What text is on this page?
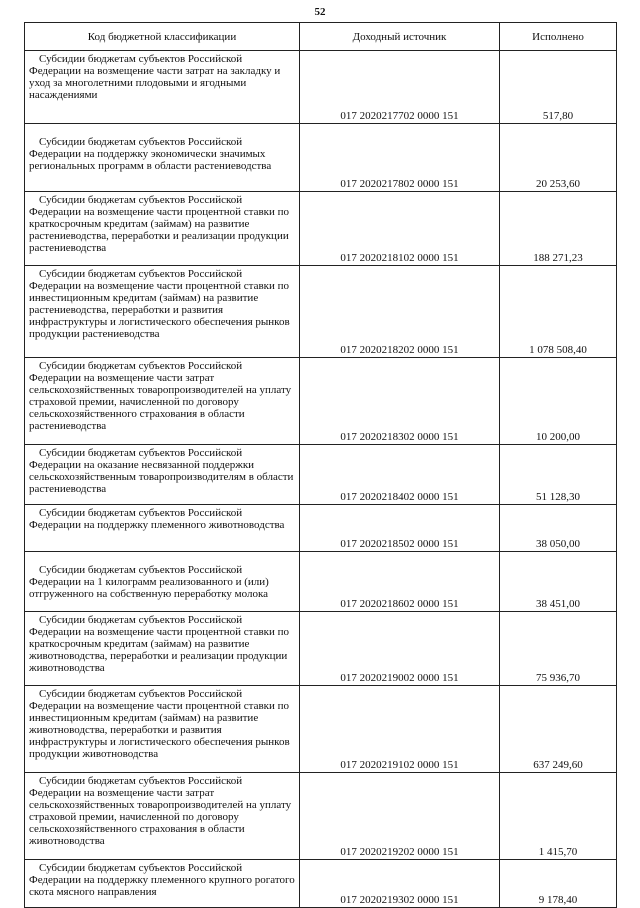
52
Код бюджетной классификации	Доходный источник	Исполнено
Субсидии бюджетам субъектов Российской Федерации на возмещение части затрат на закладку и уход за многолетними плодовыми и ягодными насаждениями	017 2020217702 0000 151	517,80
Субсидии бюджетам субъектов Российской Федерации на поддержку экономически значимых региональных программ в области растениеводства	017 2020217802 0000 151	20 253,60
Субсидии бюджетам субъектов Российской Федерации на возмещение части процентной ставки по краткосрочным кредитам (займам) на развитие растениеводства, переработки и реализации продукции растениеводства	017 2020218102 0000 151	188 271,23
Субсидии бюджетам субъектов Российской Федерации на возмещение части процентной ставки по инвестиционным кредитам (займам) на развитие растениеводства, переработки и развития инфраструктуры и логистического обеспечения рынков продукции растениеводства	017 2020218202 0000 151	1 078 508,40
Субсидии бюджетам субъектов Российской Федерации на возмещение части затрат сельскохозяйственных товаропроизводителей на уплату страховой премии, начисленной по договору сельскохозяйственного страхования в области растениеводства	017 2020218302 0000 151	10 200,00
Субсидии бюджетам субъектов Российской Федерации на оказание несвязанной поддержки сельскохозяйственным товаропроизводителям в области растениеводства	017 2020218402 0000 151	51 128,30
Субсидии бюджетам субъектов Российской Федерации на поддержку племенного животноводства	017 2020218502 0000 151	38 050,00
Субсидии бюджетам субъектов Российской Федерации на 1 килограмм реализованного и (или) отгруженного на собственную переработку молока	017 2020218602 0000 151	38 451,00
Субсидии бюджетам субъектов Российской Федерации на возмещение части процентной ставки по краткосрочным кредитам (займам) на развитие животноводства, переработки и реализации продукции животноводства	017 2020219002 0000 151	75 936,70
Субсидии бюджетам субъектов Российской Федерации на возмещение части процентной ставки по инвестиционным кредитам (займам) на развитие животноводства, переработки и развития инфраструктуры и логистического обеспечения рынков продукции животноводства	017 2020219102 0000 151	637 249,60
Субсидии бюджетам субъектов Российской Федерации на возмещение части затрат сельскохозяйственных товаропроизводителей на уплату страховой премии, начисленной по договору сельскохозяйственного страхования в области животноводства	017 2020219202 0000 151	1 415,70
Субсидии бюджетам субъектов Российской Федерации на поддержку племенного крупного рогатого скота мясного направления	017 2020219302 0000 151	9 178,40
